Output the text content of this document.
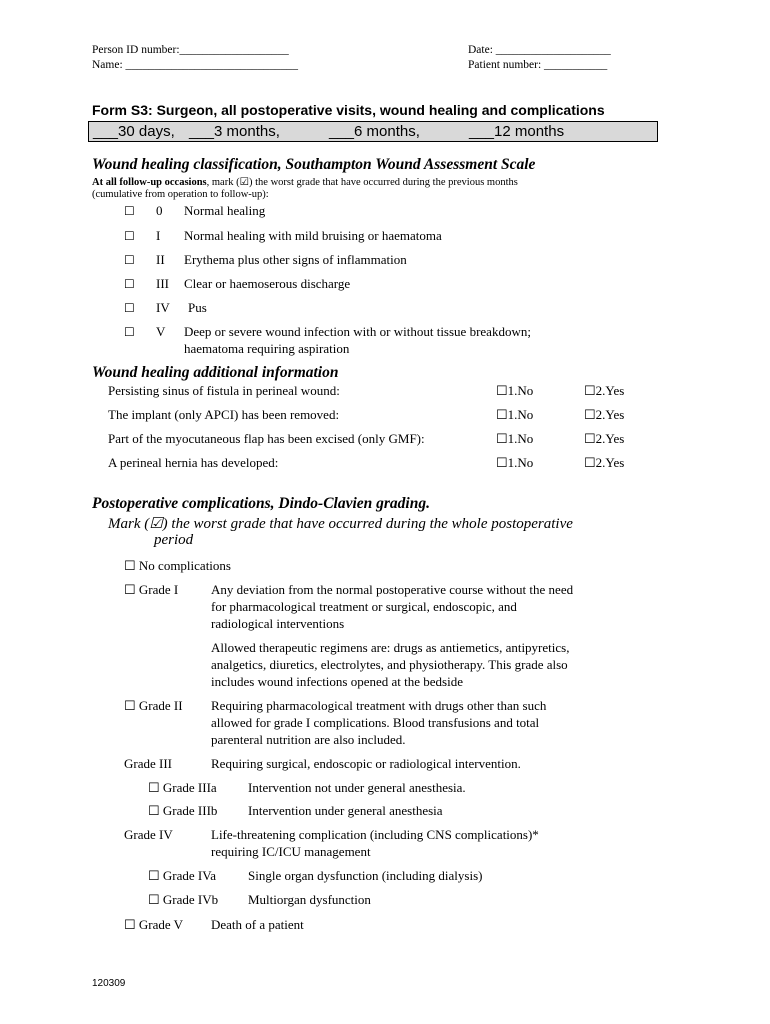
Person ID number:___________________
Name: ______________________________
Date: ____________________
Patient number: ___________
Form S3: Surgeon, all postoperative visits, wound healing and complications
___30 days, ___3 months,	___6 months,	___12 months
Wound healing classification, Southampton Wound Assessment Scale
At all follow-up occasions, mark (☑) the worst grade that have occurred during the previous months
(cumulative from operation to follow-up):
☐ 0 Normal healing
☐ I Normal healing with mild bruising or haematoma
☐ II Erythema plus other signs of inflammation
☐ III Clear or haemoserous discharge
☐ IV Pus
☐ V Deep or severe wound infection with or without tissue breakdown;
haematoma requiring aspiration
Wound healing additional information
Persisting sinus of fistula in perineal wound:	☐1.No	☐2.Yes
The implant (only APCI) has been removed:	☐1.No	☐2.Yes
Part of the myocutaneous flap has been excised (only GMF):	☐1.No	☐2.Yes
A perineal hernia has developed:	☐1.No	☐2.Yes
Postoperative complications, Dindo-Clavien grading.
Mark (☑) the worst grade that have occurred during the whole postoperative
period
☐ No complications
☐ Grade I	Any deviation from the normal postoperative course without the need
for pharmacological treatment or surgical, endoscopic, and
radiological interventions
Allowed therapeutic regimens are: drugs as antiemetics, antipyretics,
analgetics, diuretics, electrolytes, and physiotherapy. This grade also
includes wound infections opened at the bedside
☐ Grade II Requiring pharmacological treatment with drugs other than such
allowed for grade I complications. Blood transfusions and total
parenteral nutrition are also included.
Grade III	Requiring surgical, endoscopic or radiological intervention.
☐ Grade IIIa Intervention not under general anesthesia.
☐ Grade IIIb Intervention under general anesthesia
Grade IV	Life-threatening complication (including CNS complications)*
requiring IC/ICU management
☐ Grade IVa Single organ dysfunction (including dialysis)
☐ Grade IVb Multiorgan dysfunction
☐ Grade V Death of a patient
120309
